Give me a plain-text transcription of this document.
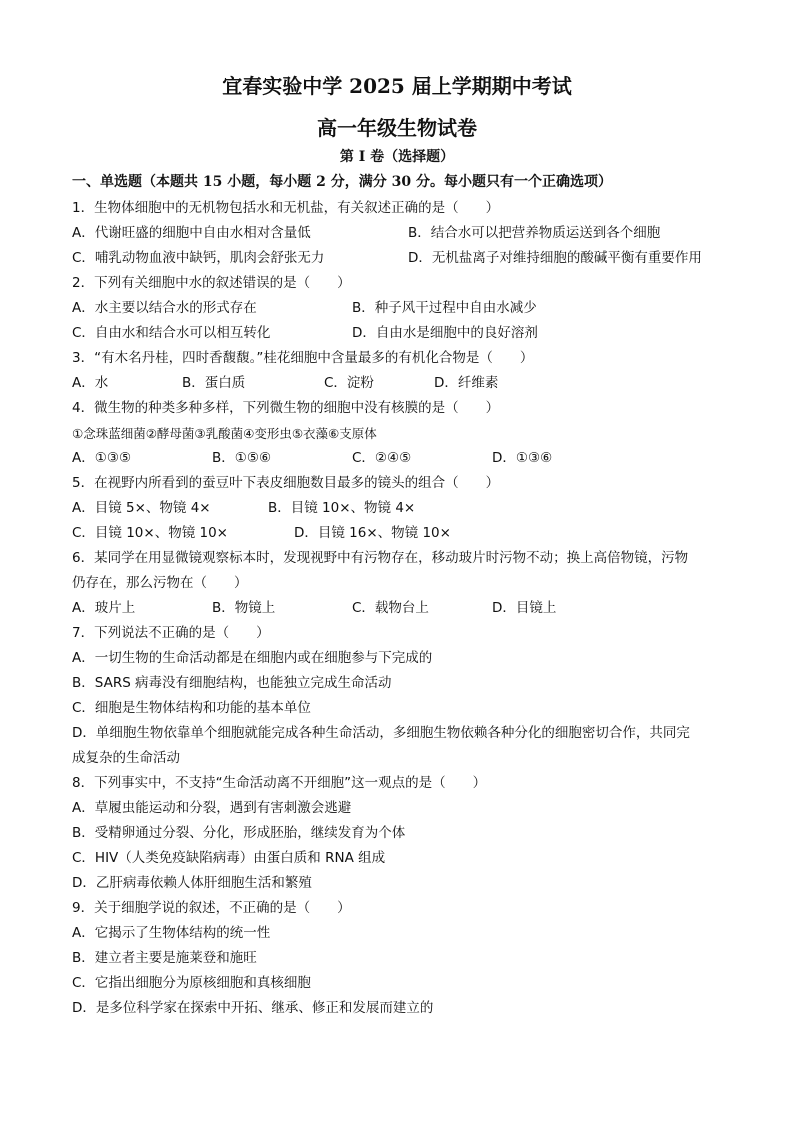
宜春实验中学 2025 届上学期期中考试
高一年级生物试卷
第 I 卷（选择题）
一、单选题（本题共 15 小题，每小题 2 分，满分 30 分。每小题只有一个正确选项）
1．生物体细胞中的无机物包括水和无机盐，有关叙述正确的是（　　）
A．代谢旺盛的细胞中自由水相对含量低	B．结合水可以把营养物质运送到各个细胞
C．哺乳动物血液中缺钙，肌肉会舒张无力	D．无机盐离子对维持细胞的酸碱平衡有重要作用
2．下列有关细胞中水的叙述错误的是（　　）
A．水主要以结合水的形式存在	B．种子风干过程中自由水减少
C．自由水和结合水可以相互转化	D．自由水是细胞中的良好溶剂
3．“有木名丹桂，四时香馥馥。”桂花细胞中含量最多的有机化合物是（　　）
A．水	B．蛋白质	C．淀粉	D．纤维素
4．微生物的种类多种多样，下列微生物的细胞中没有核膜的是（　　）
①念珠蓝细菌②酵母菌③乳酸菌④变形虫⑤衣藻⑥支原体
A．①③⑤	B．①⑤⑥	C．②④⑤	D．①③⑥
5．在视野内所看到的蚕豆叶下表皮细胞数目最多的镜头的组合（　　）
A．目镜 5×、物镜 4×	B．目镜 10×、物镜 4×
C．目镜 10×、物镜 10×	D．目镜 16×、物镜 10×
6．某同学在用显微镜观察标本时，发现视野中有污物存在，移动玻片时污物不动；换上高倍物镜，污物
仍存在，那么污物在（　　）
A．玻片上	B．物镜上	C．载物台上	D．目镜上
7．下列说法不正确的是（　　）
A．一切生物的生命活动都是在细胞内或在细胞参与下完成的
B．SARS 病毒没有细胞结构，也能独立完成生命活动
C．细胞是生物体结构和功能的基本单位
D．单细胞生物依靠单个细胞就能完成各种生命活动，多细胞生物依赖各种分化的细胞密切合作，共同完
成复杂的生命活动
8．下列事实中，不支持“生命活动离不开细胞”这一观点的是（　　）
A．草履虫能运动和分裂，遇到有害刺激会逃避
B．受精卵通过分裂、分化，形成胚胎，继续发育为个体
C．HIV（人类免疫缺陷病毒）由蛋白质和 RNA 组成
D．乙肝病毒依赖人体肝细胞生活和繁殖
9．关于细胞学说的叙述，不正确的是（　　）
A．它揭示了生物体结构的统一性
B．建立者主要是施莱登和施旺
C．它指出细胞分为原核细胞和真核细胞
D．是多位科学家在探索中开拓、继承、修正和发展而建立的
